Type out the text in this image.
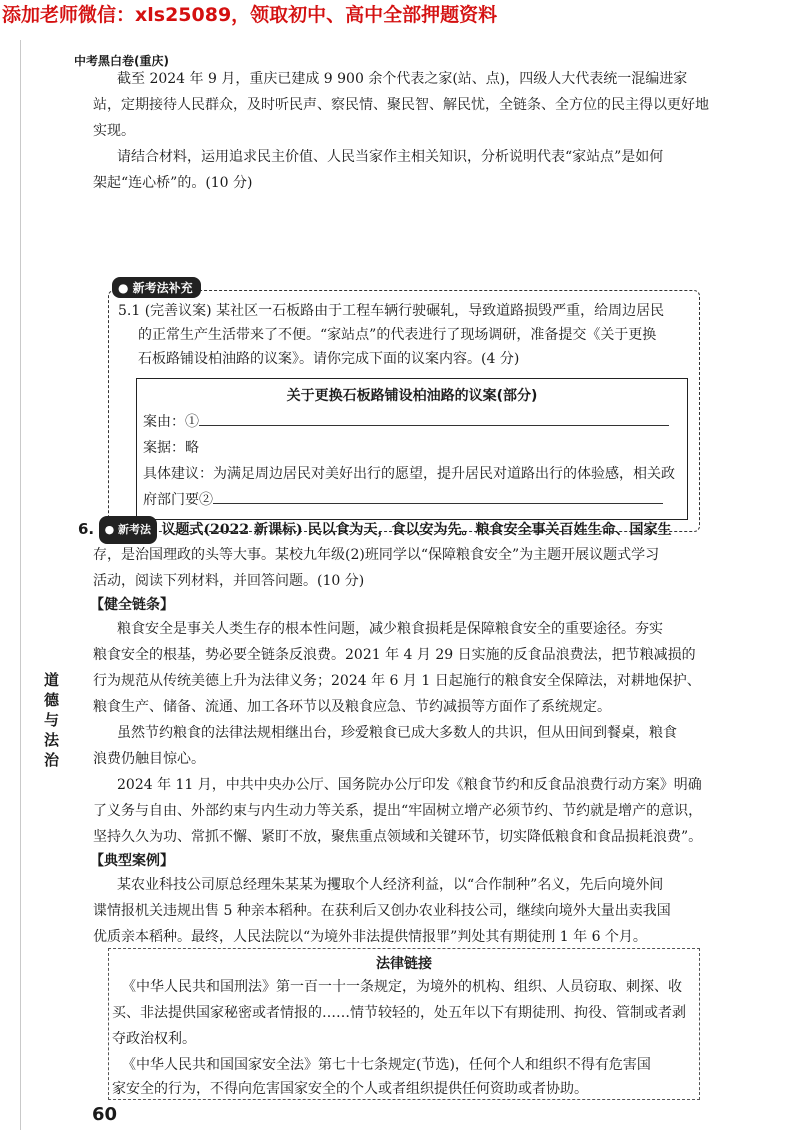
添加老师微信：xls25089，领取初中、高中全部押题资料
中考黑白卷(重庆)
截至 2024 年 9 月，重庆已建成 9 900 余个代表之家(站、点)，四级人大代表统一混编进家
站，定期接待人民群众，及时听民声、察民情、聚民智、解民忧，全链条、全方位的民主得以更好地
实现。
请结合材料，运用追求民主价值、人民当家作主相关知识，分析说明代表“家站点”是如何
架起“连心桥”的。(10 分)
● 新考法补充
5.1 (完善议案) 某社区一石板路由于工程车辆行驶碾轧，导致道路损毁严重，给周边居民
的正常生产生活带来了不便。“家站点”的代表进行了现场调研，准备提交《关于更换
石板路铺设柏油路的议案》。请你完成下面的议案内容。(4 分)
关于更换石板路铺设柏油路的议案(部分)
案由：①
案据：略
具体建议：为满足周边居民对美好出行的愿望，提升居民对道路出行的体验感，相关政
府部门要②
6. ● 新考法 议题式(2022 新课标) 民以食为天，食以安为先。粮食安全事关百姓生命、国家生
存，是治国理政的头等大事。某校九年级(2)班同学以“保障粮食安全”为主题开展议题式学习
活动，阅读下列材料，并回答问题。(10 分)
【健全链条】
粮食安全是事关人类生存的根本性问题，减少粮食损耗是保障粮食安全的重要途径。夯实
粮食安全的根基，势必要全链条反浪费。2021 年 4 月 29 日实施的反食品浪费法，把节粮减损的
行为规范从传统美德上升为法律义务；2024 年 6 月 1 日起施行的粮食安全保障法，对耕地保护、
粮食生产、储备、流通、加工各环节以及粮食应急、节约减损等方面作了系统规定。
虽然节约粮食的法律法规相继出台，珍爱粮食已成大多数人的共识，但从田间到餐桌，粮食
浪费仍触目惊心。
2024 年 11 月，中共中央办公厅、国务院办公厅印发《粮食节约和反食品浪费行动方案》明确
了义务与自由、外部约束与内生动力等关系，提出“牢固树立增产必须节约、节约就是增产的意识，
坚持久久为功、常抓不懈、紧盯不放，聚焦重点领域和关键环节，切实降低粮食和食品损耗浪费”。
【典型案例】
某农业科技公司原总经理朱某某为攫取个人经济利益，以“合作制种”名义，先后向境外间
谍情报机关违规出售 5 种亲本稻种。在获利后又创办农业科技公司，继续向境外大量出卖我国
优质亲本稻种。最终，人民法院以“为境外非法提供情报罪”判处其有期徒刑 1 年 6 个月。
法律链接
《中华人民共和国刑法》第一百一十一条规定，为境外的机构、组织、人员窃取、刺探、收
买、非法提供国家秘密或者情报的……情节较轻的，处五年以下有期徒刑、拘役、管制或者剥
夺政治权利。
《中华人民共和国国家安全法》第七十七条规定(节选)，任何个人和组织不得有危害国
家安全的行为，不得向危害国家安全的个人或者组织提供任何资助或者协助。
道德与法治
60
